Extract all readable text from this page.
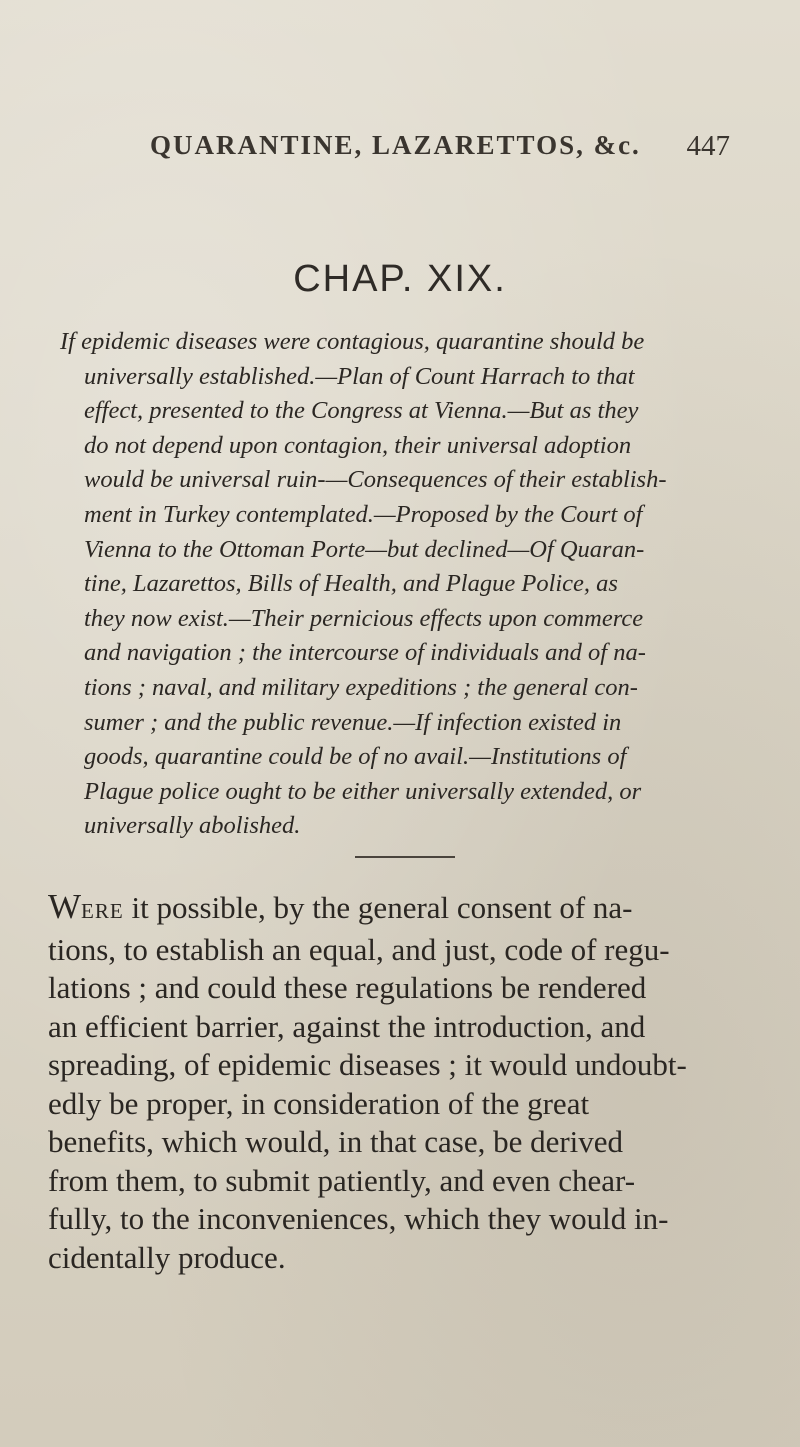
QUARANTINE, LAZARETTOS, &c. 447
CHAP. XIX.
If epidemic diseases were contagious, quarantine should be
universally established.—Plan of Count Harrach to that
effect, presented to the Congress at Vienna.—But as they
do not depend upon contagion, their universal adoption
would be universal ruin-—Consequences of their establish-
ment in Turkey contemplated.—Proposed by the Court of
Vienna to the Ottoman Porte—but declined—Of Quaran-
tine, Lazarettos, Bills of Health, and Plague Police, as
they now exist.—Their pernicious effects upon commerce
and navigation ; the intercourse of individuals and of na-
tions ; naval, and military expeditions ; the general con-
sumer ; and the public revenue.—If infection existed in
goods, quarantine could be of no avail.—Institutions of
Plague police ought to be either universally extended, or
universally abolished.
WERE it possible, by the general consent of na-
tions, to establish an equal, and just, code of regu-
lations ; and could these regulations be rendered
an efficient barrier, against the introduction, and
spreading, of epidemic diseases ; it would undoubt-
edly be proper, in consideration of the great
benefits, which would, in that case, be derived
from them, to submit patiently, and even chear-
fully, to the inconveniences, which they would in-
cidentally produce.
